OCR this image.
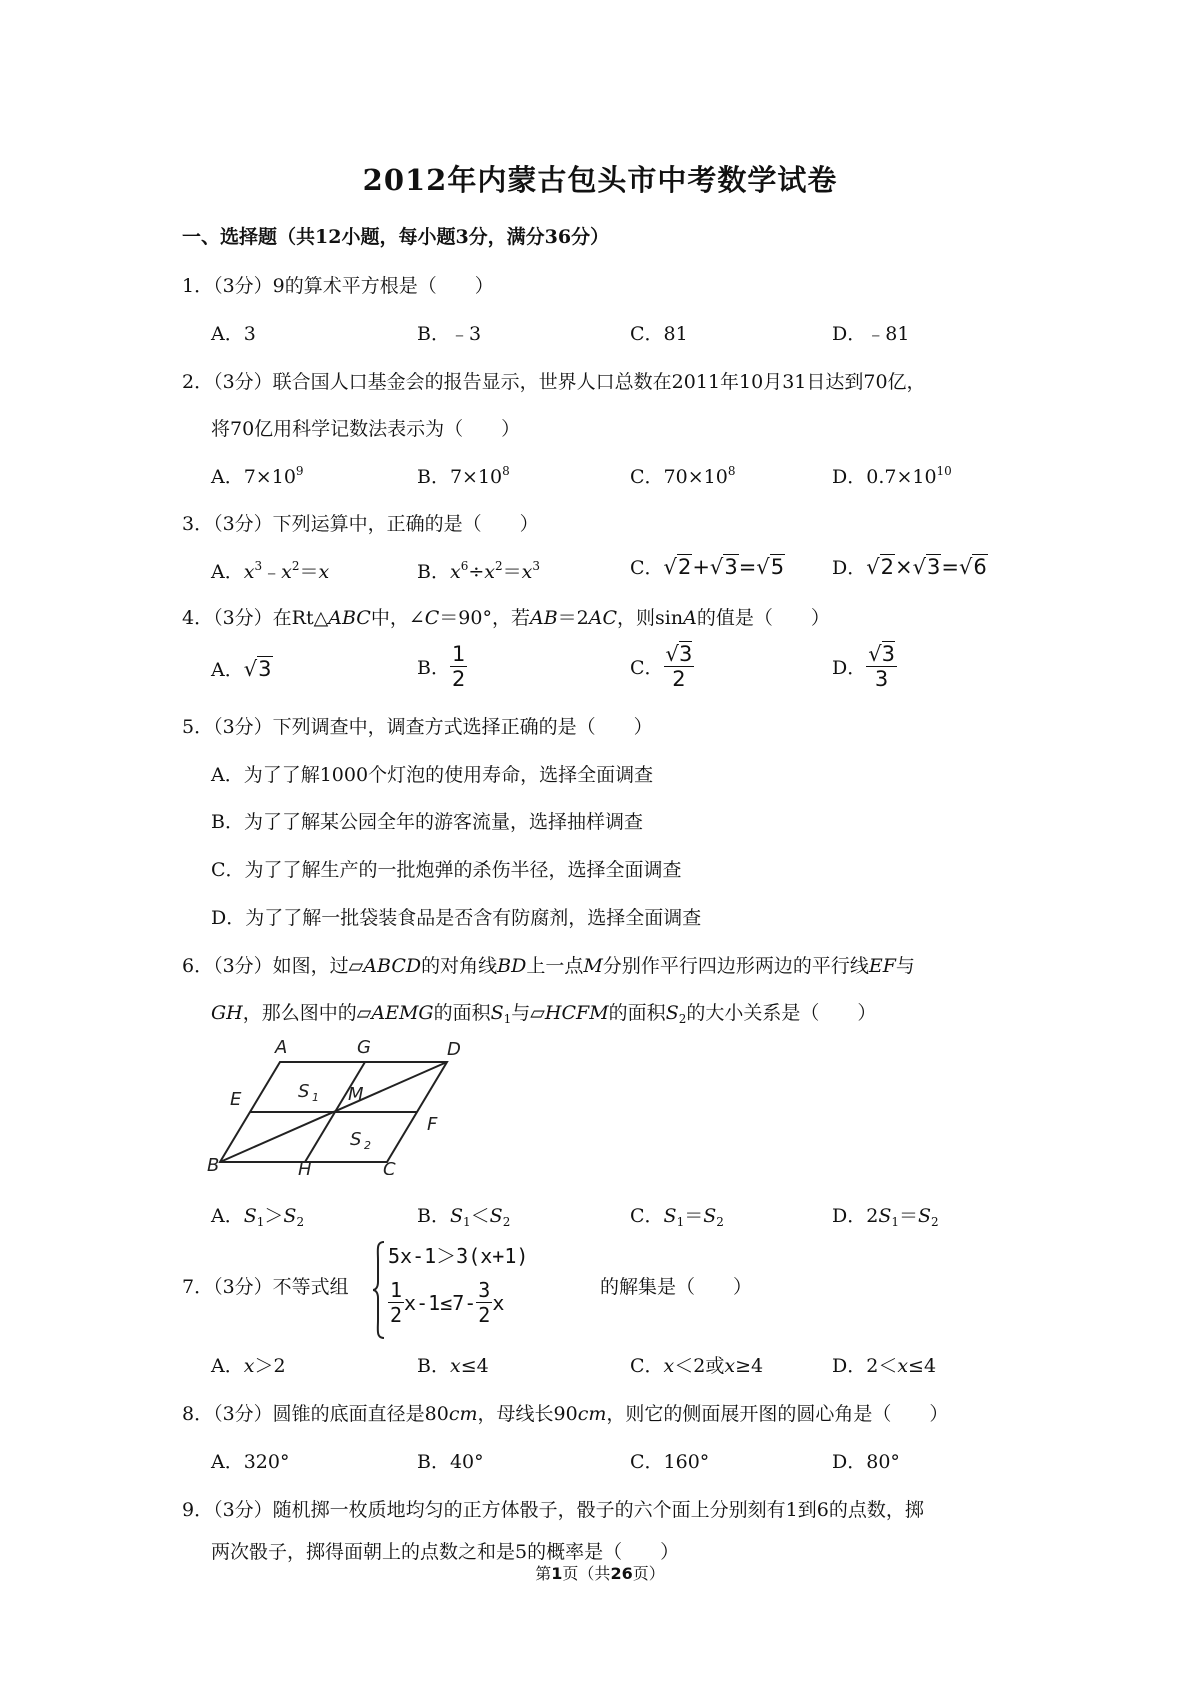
2012年内蒙古包头市中考数学试卷
一、选择题（共12小题，每小题3分，满分36分）
1．（3分）9的算术平方根是（　　）
A．3	B．﹣3	C．81	D．﹣81
2．（3分）联合国人口基金会的报告显示，世界人口总数在2011年10月31日达到70亿，
将70亿用科学记数法表示为（　　）
A．$7\times 10^9$	B．$7\times 10^8$	C．$70\times 10^8$	D．$0.7\times 10^{10}$
3．（3分）下列运算中，正确的是（　　）
A．$x^3﹣x^2=x$	B．$x^6\div x^2=x^3$	C．√2+√3=√5	D．√2×√3=√6
4．（3分）在Rt△ABC中，∠C＝90°，若AB＝2AC，则sinA的值是（　　）
A．√3	B． $\frac{1}{2}$	C． $\frac{√3}{2}$	D． $\frac{√3}{3}$
5．（3分）下列调查中，调查方式选择正确的是（　　）
A．为了了解1000个灯泡的使用寿命，选择全面调查
B．为了了解某公园全年的游客流量，选择抽样调查
C．为了了解生产的一批炮弹的杀伤半径，选择全面调查
D．为了了解一批袋装食品是否含有防腐剂，选择全面调查
6．（3分）如图，过▱ABCD的对角线BD上一点M分别作平行四边形两边的平行线EF与
GH，那么图中的▱AEMG的面积$S_1$与▱HCFM的面积$S_2$的大小关系是（　　）
A	G	D
E	M
F
B	H	C
S 1
S 2
A．$S_1>S_2$	B．$S_1<S_2$	C．$S_1=S_2$	D．$2S_1=S_2$
7．（3分）不等式组
5x-1＞3(x+1)
$\frac{1}{2} x-1\le 7- \frac{3}{2}$ x
的解集是（　　）
A．x＞2	B．x≤4	C．x＜2或x≥4	D．2＜x≤4
8．（3分）圆锥的底面直径是80cm，母线长90cm，则它的侧面展开图的圆心角是（　　）
A．320°	B．40°	C．160°	D．80°
9．（3分）随机掷一枚质地均匀的正方体骰子，骰子的六个面上分别刻有1到6的点数，掷
两次骰子，掷得面朝上的点数之和是5的概率是（　　）
第1页（共26页）
